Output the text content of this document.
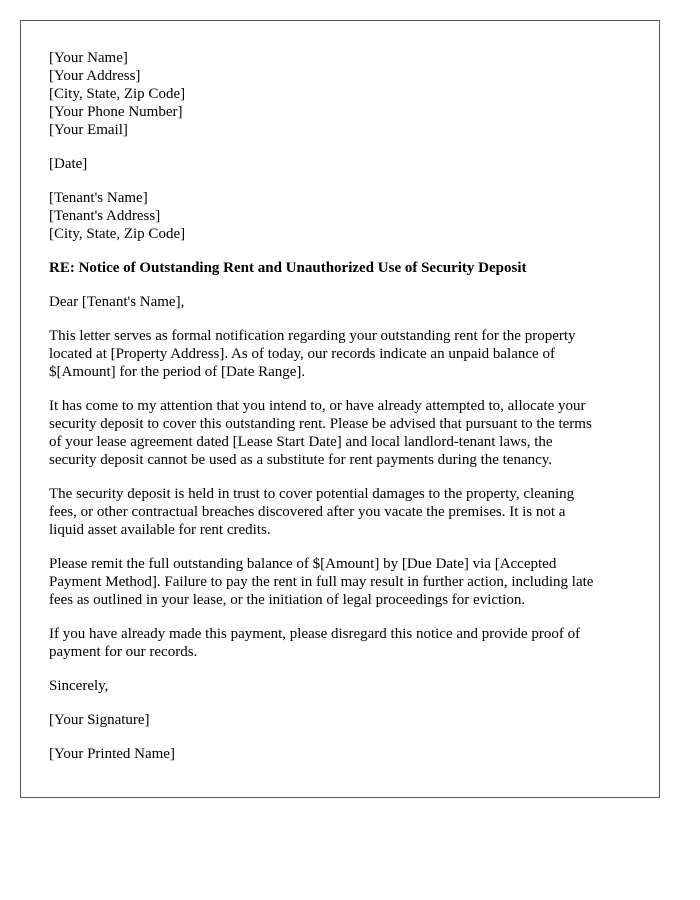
[Your Name]
[Your Address]
[City, State, Zip Code]
[Your Phone Number]
[Your Email]
[Date]
[Tenant's Name]
[Tenant's Address]
[City, State, Zip Code]
RE: Notice of Outstanding Rent and Unauthorized Use of Security Deposit

Dear [Tenant's Name],

This letter serves as formal notification regarding your outstanding rent for the property
located at [Property Address]. As of today, our records indicate an unpaid balance of
$[Amount] for the period of [Date Range].

It has come to my attention that you intend to, or have already attempted to, allocate your
security deposit to cover this outstanding rent. Please be advised that pursuant to the terms
of your lease agreement dated [Lease Start Date] and local landlord-tenant laws, the
security deposit cannot be used as a substitute for rent payments during the tenancy.

The security deposit is held in trust to cover potential damages to the property, cleaning
fees, or other contractual breaches discovered after you vacate the premises. It is not a
liquid asset available for rent credits.

Please remit the full outstanding balance of $[Amount] by [Due Date] via [Accepted
Payment Method]. Failure to pay the rent in full may result in further action, including late
fees as outlined in your lease, or the initiation of legal proceedings for eviction.

If you have already made this payment, please disregard this notice and provide proof of
payment for our records.

Sincerely,

[Your Signature]

[Your Printed Name]
